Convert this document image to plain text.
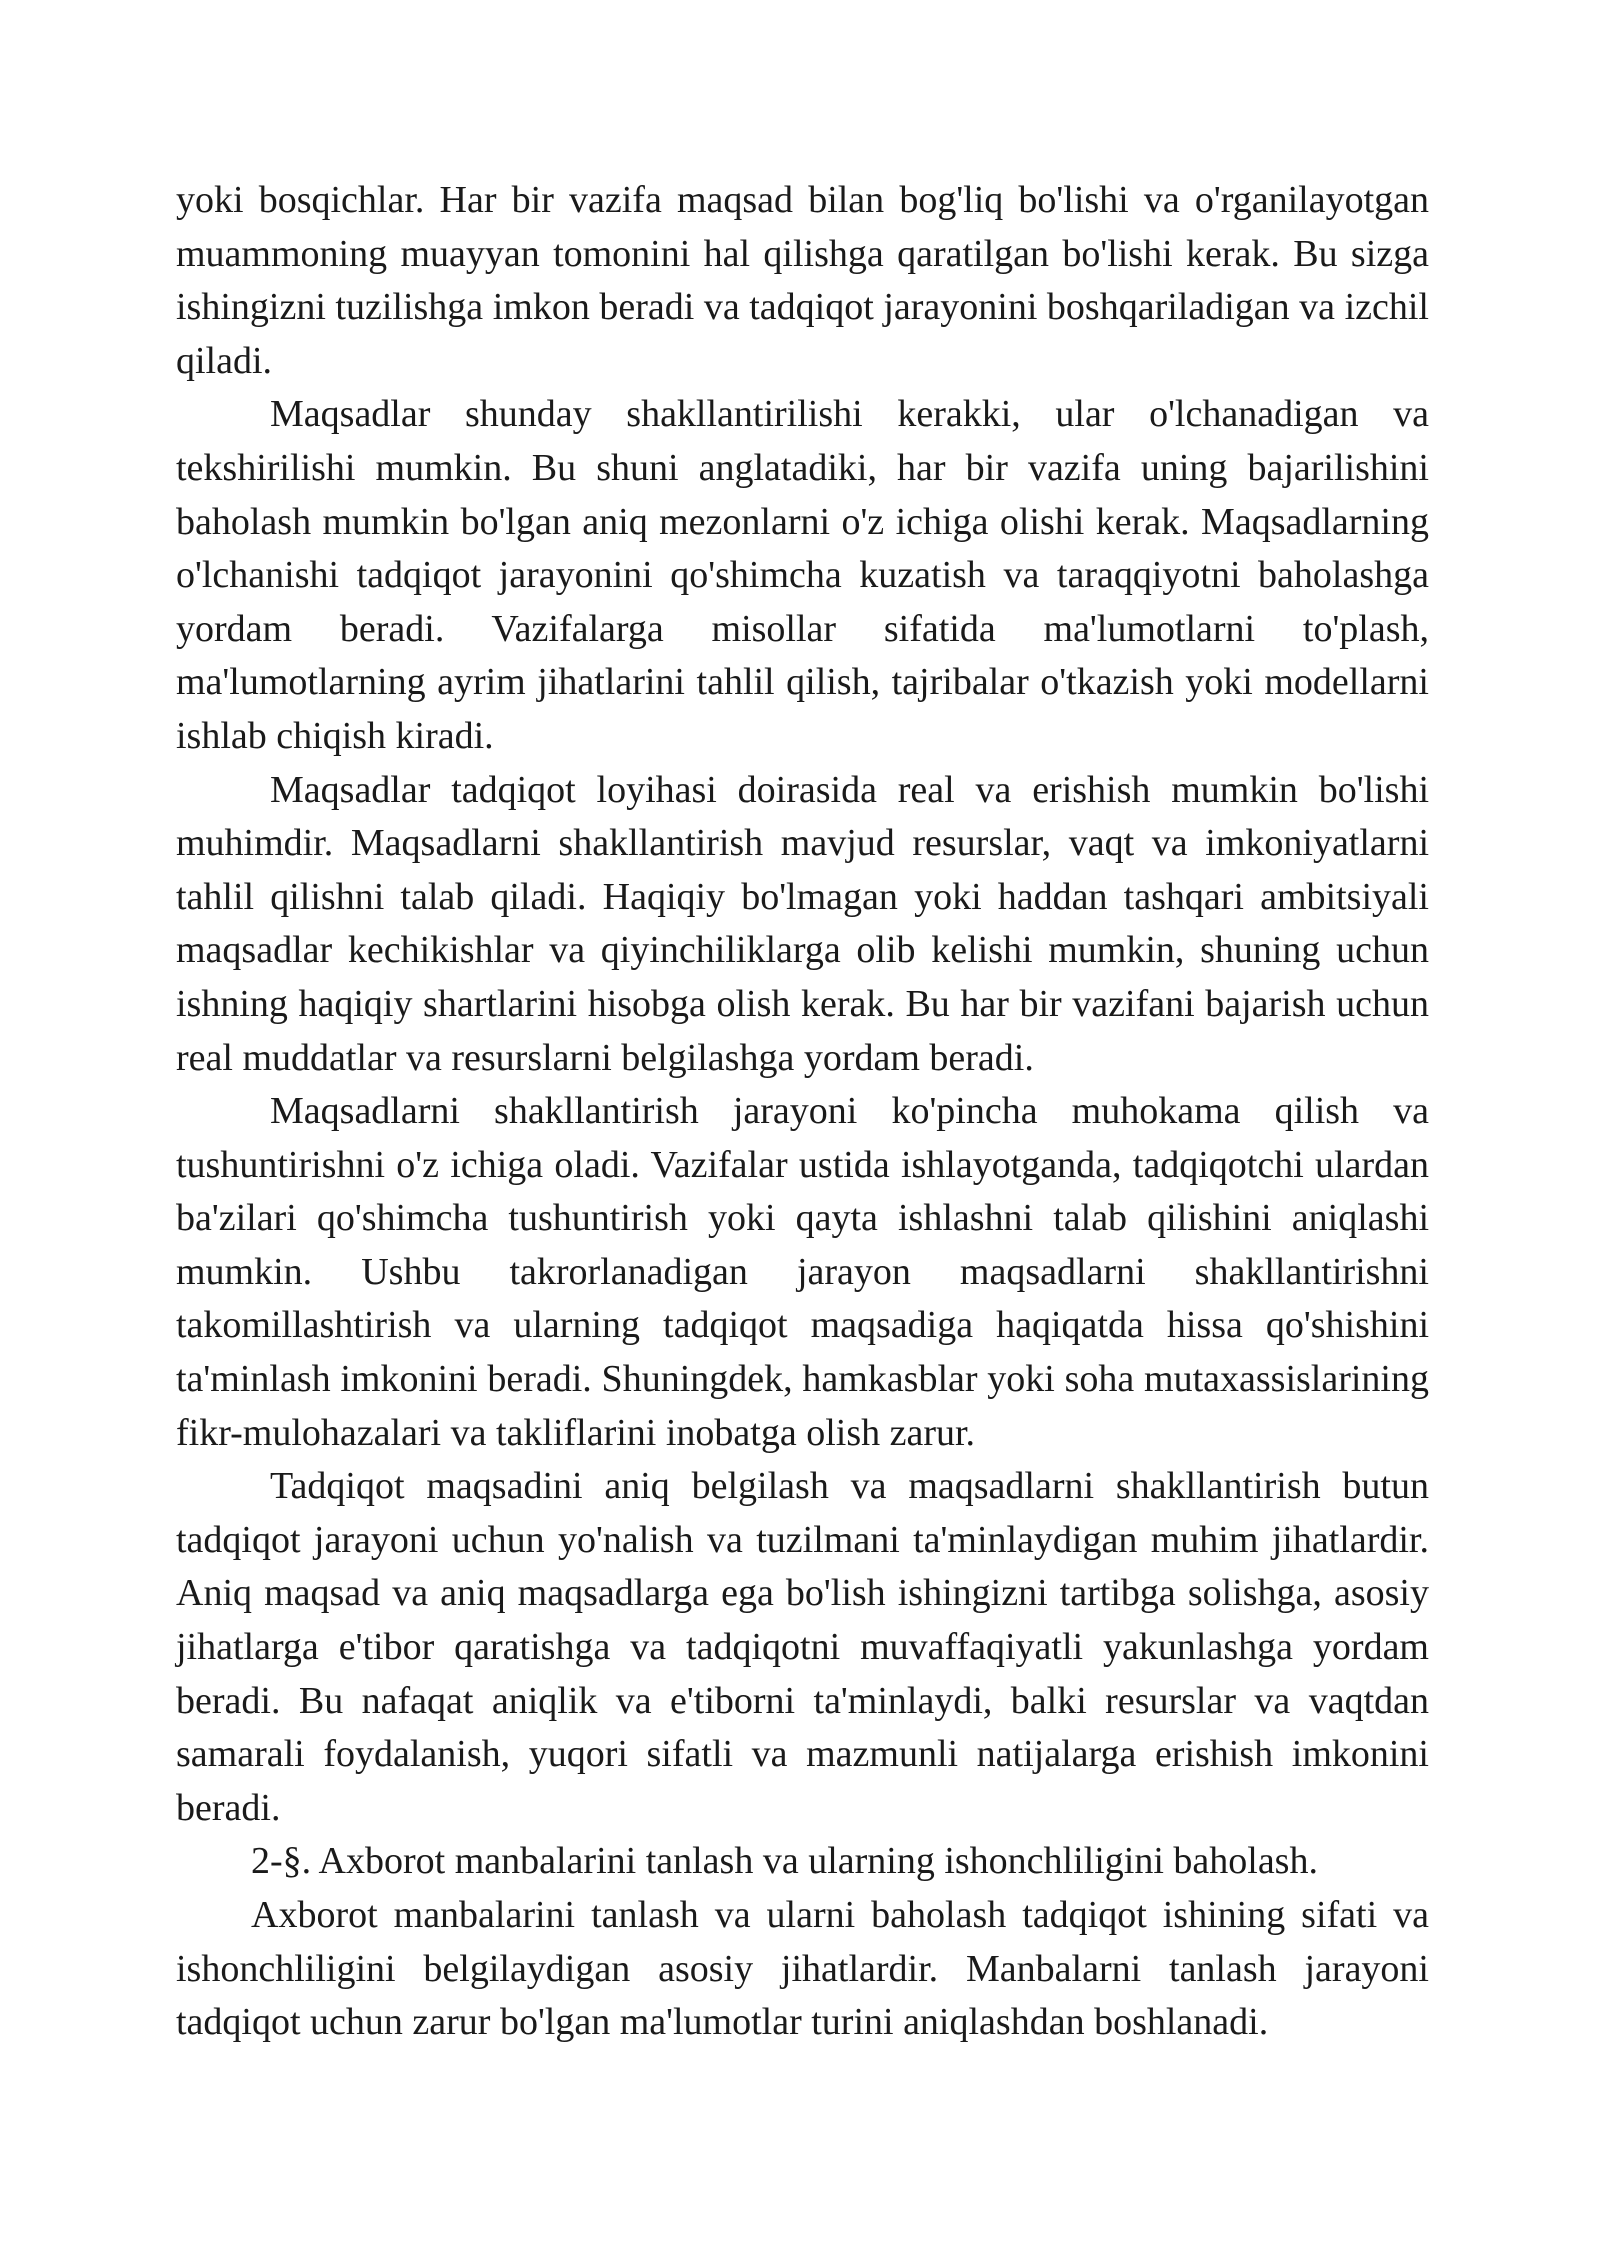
yoki bosqichlar. Har bir vazifa maqsad bilan bog'liq bo'lishi va o'rganilayotgan muammoning muayyan tomonini hal qilishga qaratilgan bo'lishi kerak. Bu sizga ishingizni tuzilishga imkon beradi va tadqiqot jarayonini boshqariladigan va izchil qiladi.

Maqsadlar shunday shakllantirilishi kerakki, ular o'lchanadigan va tekshirilishi mumkin. Bu shuni anglatadiki, har bir vazifa uning bajarilishini baholash mumkin bo'lgan aniq mezonlarni o'z ichiga olishi kerak. Maqsadlarning o'lchanishi tadqiqot jarayonini qo'shimcha kuzatish va taraqqiyotni baholashga yordam beradi. Vazifalarga misollar sifatida ma'lumotlarni to'plash, ma'lumotlarning ayrim jihatlarini tahlil qilish, tajribalar o'tkazish yoki modellarni ishlab chiqish kiradi.

Maqsadlar tadqiqot loyihasi doirasida real va erishish mumkin bo'lishi muhimdir. Maqsadlarni shakllantirish mavjud resurslar, vaqt va imkoniyatlarni tahlil qilishni talab qiladi. Haqiqiy bo'lmagan yoki haddan tashqari ambitsiyali maqsadlar kechikishlar va qiyinchiliklarga olib kelishi mumkin, shuning uchun ishning haqiqiy shartlarini hisobga olish kerak. Bu har bir vazifani bajarish uchun real muddatlar va resurslarni belgilashga yordam beradi.

Maqsadlarni shakllantirish jarayoni ko'pincha muhokama qilish va tushuntirishni o'z ichiga oladi. Vazifalar ustida ishlayotganda, tadqiqotchi ulardan ba'zilari qo'shimcha tushuntirish yoki qayta ishlashni talab qilishini aniqlashi mumkin. Ushbu takrorlanadigan jarayon maqsadlarni shakllantirishni takomillashtirish va ularning tadqiqot maqsadiga haqiqatda hissa qo'shishini ta'minlash imkonini beradi. Shuningdek, hamkasblar yoki soha mutaxassislarining fikr-mulohazalari va takliflarini inobatga olish zarur.

Tadqiqot maqsadini aniq belgilash va maqsadlarni shakllantirish butun tadqiqot jarayoni uchun yo'nalish va tuzilmani ta'minlaydigan muhim jihatlardir. Aniq maqsad va aniq maqsadlarga ega bo'lish ishingizni tartibga solishga, asosiy jihatlarga e'tibor qaratishga va tadqiqotni muvaffaqiyatli yakunlashga yordam beradi. Bu nafaqat aniqlik va e'tiborni ta'minlaydi, balki resurslar va vaqtdan samarali foydalanish, yuqori sifatli va mazmunli natijalarga erishish imkonini beradi.

2-§. Axborot manbalarini tanlash va ularning ishonchliligini baholash.

Axborot manbalarini tanlash va ularni baholash tadqiqot ishining sifati va ishonchliligini belgilaydigan asosiy jihatlardir. Manbalarni tanlash jarayoni tadqiqot uchun zarur bo'lgan ma'lumotlar turini aniqlashdan boshlanadi.
